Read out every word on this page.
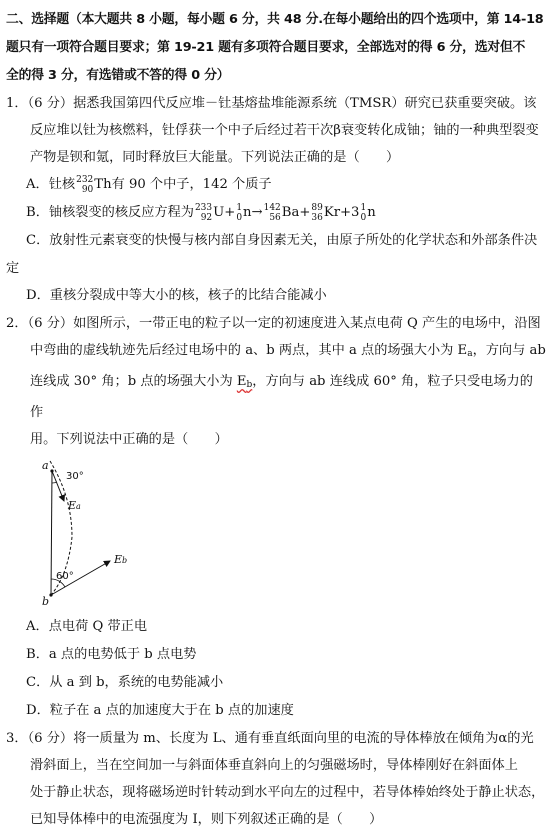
二、选择题（本大题共 8 小题，每小题 6 分，共 48 分.在每小题给出的四个选项中，第 14-18

题只有一项符合题目要求；第 19-21 题有多项符合题目要求，全部选对的得 6 分，选对但不

全的得 3 分，有选错或不答的得 0 分）

1．（6 分）据悉我国第四代反应堆－钍基熔盐堆能源系统（TMSR）研究已获重要突破。该

反应堆以钍为核燃料，钍俘获一个中子后经过若干次β衰变转化成铀；铀的一种典型裂变

产物是钡和氪，同时释放巨大能量。下列说法正确的是（　　）

A．钍核 232
90 Th有 90 个中子，142 个质子

B．铀核裂变的核反应方程为 233
92 U+ 1
0 n→ 142
56 Ba+ 89
36 Kr+3 1
0 n

C．放射性元素衰变的快慢与核内部自身因素无关，由原子所处的化学状态和外部条件决

定

D．重核分裂成中等大小的核，核子的比结合能减小

2．（6 分）如图所示，一带正电的粒子以一定的初速度进入某点电荷 Q 产生的电场中，沿图

中弯曲的虚线轨迹先后经过电场中的 a、b 两点，其中 a 点的场强大小为 $E_a$，方向与 ab

连线成 30° 角；b 点的场强大小为 $E_b$，方向与 ab 连线成 60° 角，粒子只受电场力的作

用。下列说法中正确的是（　　）

a
b
30°
60°
Ea
Eb

A．点电荷 Q 带正电

B．a 点的电势低于 b 点电势

C．从 a 到 b，系统的电势能减小

D．粒子在 a 点的加速度大于在 b 点的加速度

3．（6 分）将一质量为 m、长度为 L、通有垂直纸面向里的电流的导体棒放在倾角为α的光

滑斜面上，当在空间加一与斜面体垂直斜向上的匀强磁场时，导体棒刚好在斜面体上

处于静止状态，现将磁场逆时针转动到水平向左的过程中，若导体棒始终处于静止状态，

已知导体棒中的电流强度为 I，则下列叙述正确的是（　　）
